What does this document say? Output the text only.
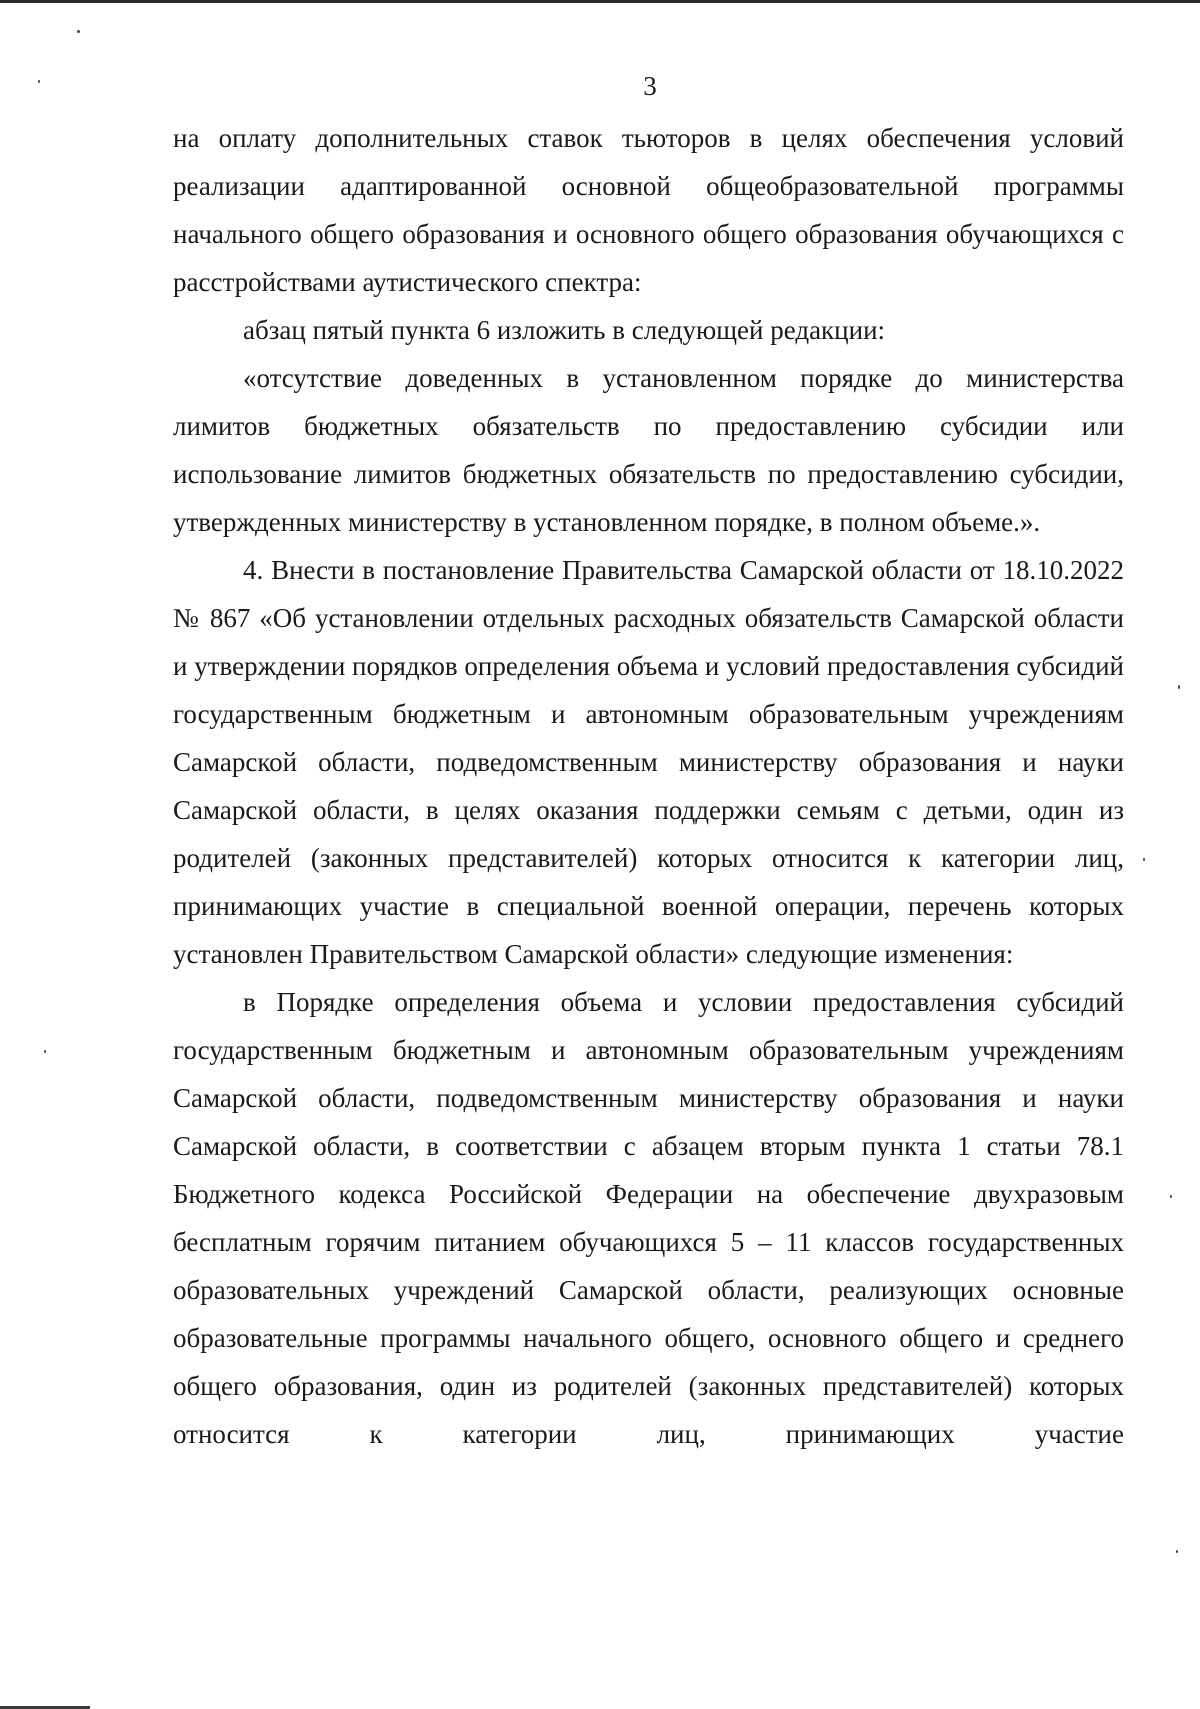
3

на оплату дополнительных ставок тьюторов в целях обеспечения условий реализации адаптированной основной общеобразовательной программы начального общего образования и основного общего образования обучающихся с расстройствами аутистического спектра:

абзац пятый пункта 6 изложить в следующей редакции:

«отсутствие доведенных в установленном порядке до министерства лимитов бюджетных обязательств по предоставлению субсидии или использование лимитов бюджетных обязательств по предоставлению субсидии, утвержденных министерству в установленном порядке, в полном объеме.».

4. Внести в постановление Правительства Самарской области от 18.10.2022 № 867 «Об установлении отдельных расходных обязательств Самарской области и утверждении порядков определения объема и условий предоставления субсидий государственным бюджетным и автономным образовательным учреждениям Самарской области, подведомственным министерству образования и науки Самарской области, в целях оказания поддержки семьям с детьми, один из родителей (законных представителей) которых относится к категории лиц, принимающих участие в специальной военной операции, перечень которых установлен Правительством Самарской области» следующие изменения:

в Порядке определения объема и условии предоставления субсидий государственным бюджетным и автономным образовательным учреждениям Самарской области, подведомственным министерству образования и науки Самарской области, в соответствии с абзацем вторым пункта 1 статьи 78.1 Бюджетного кодекса Российской Федерации на обеспечение двухразовым бесплатным горячим питанием обучающихся 5 – 11 классов государственных образовательных учреждений Самарской области, реализующих основные образовательные программы начального общего, основного общего и среднего общего образования, один из родителей (законных представителей) которых относится к категории лиц, принимающих участие
